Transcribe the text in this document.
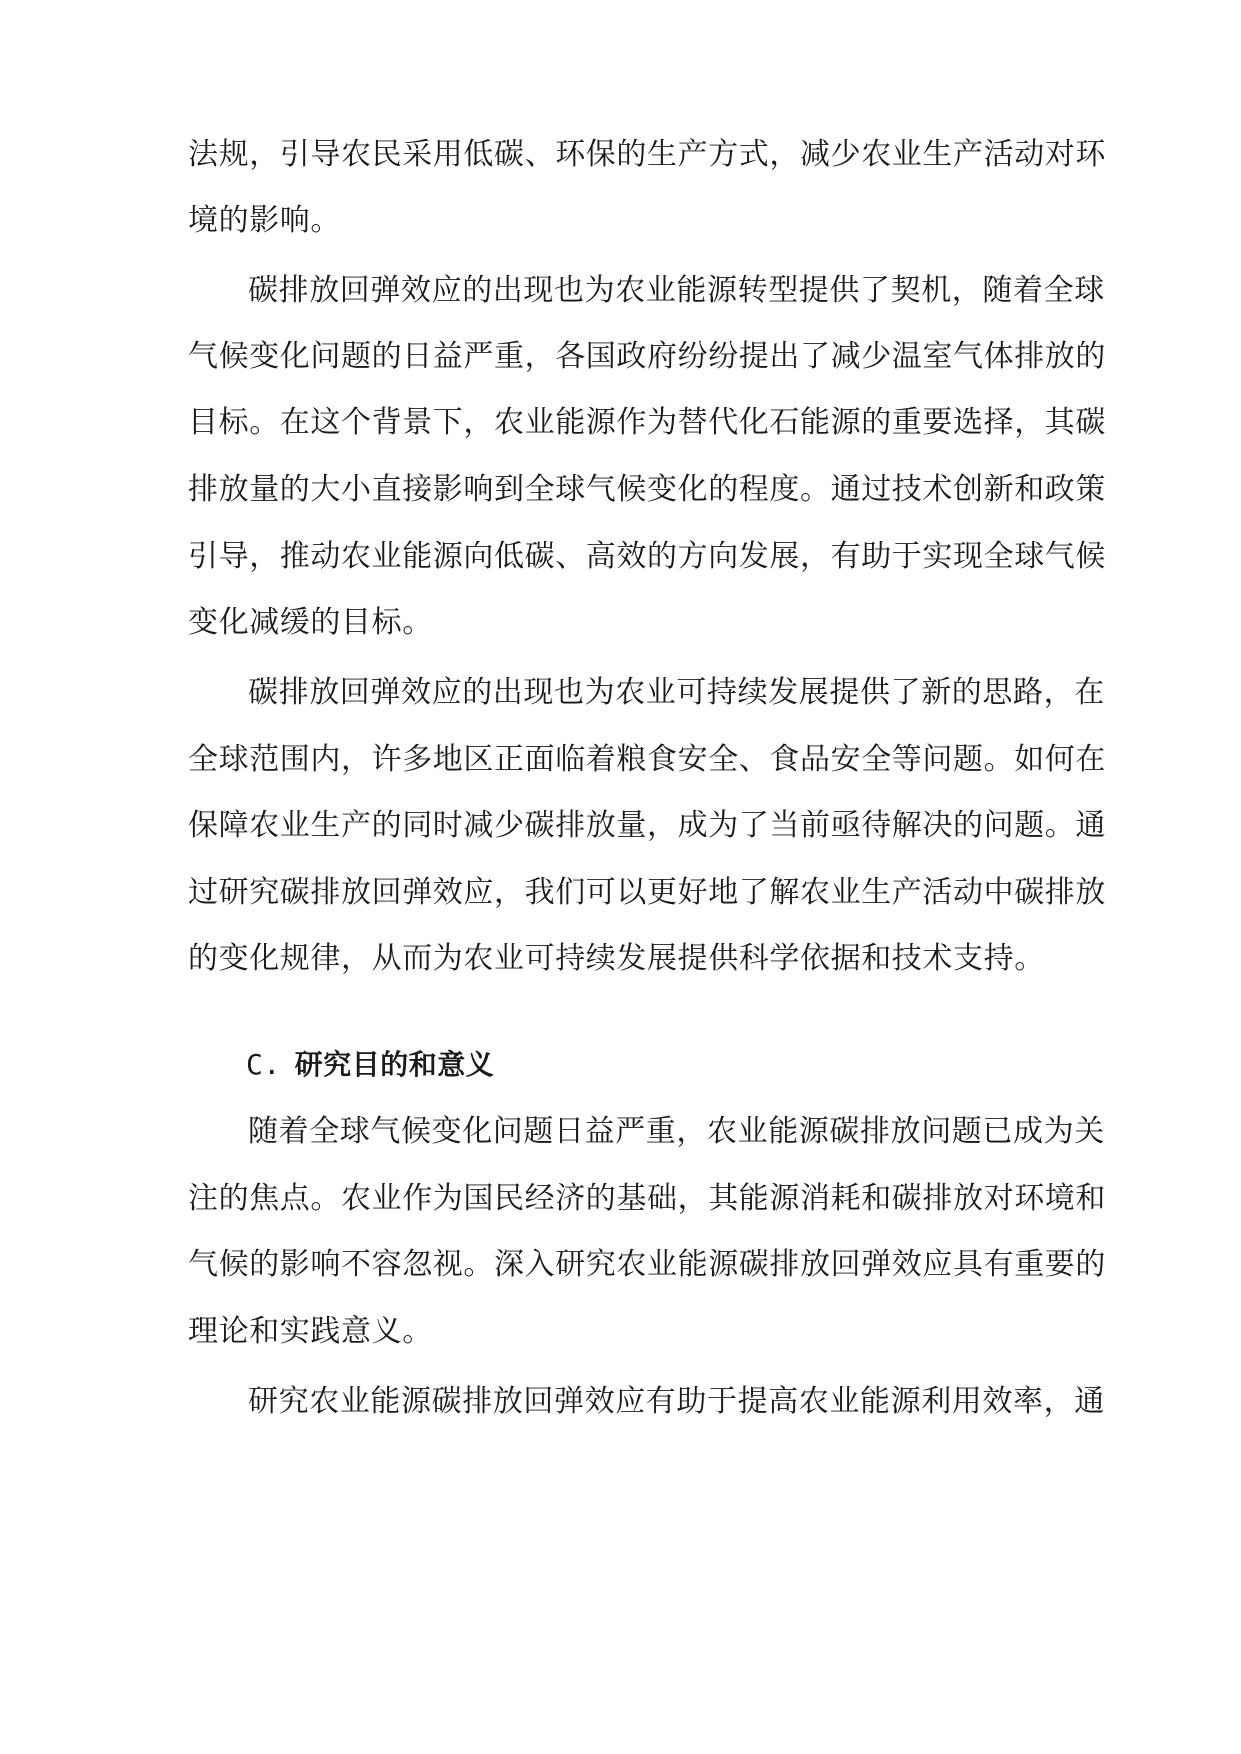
法规，引导农民采用低碳、环保的生产方式，减少农业生产活动对环
境的影响。
碳排放回弹效应的出现也为农业能源转型提供了契机，随着全球
气候变化问题的日益严重，各国政府纷纷提出了减少温室气体排放的
目标。在这个背景下，农业能源作为替代化石能源的重要选择，其碳
排放量的大小直接影响到全球气候变化的程度。通过技术创新和政策
引导，推动农业能源向低碳、高效的方向发展，有助于实现全球气候
变化减缓的目标。
碳排放回弹效应的出现也为农业可持续发展提供了新的思路，在
全球范围内，许多地区正面临着粮食安全、食品安全等问题。如何在
保障农业生产的同时减少碳排放量，成为了当前亟待解决的问题。通
过研究碳排放回弹效应，我们可以更好地了解农业生产活动中碳排放
的变化规律，从而为农业可持续发展提供科学依据和技术支持。
C. 研究目的和意义
随着全球气候变化问题日益严重，农业能源碳排放问题已成为关
注的焦点。农业作为国民经济的基础，其能源消耗和碳排放对环境和
气候的影响不容忽视。深入研究农业能源碳排放回弹效应具有重要的
理论和实践意义。
研究农业能源碳排放回弹效应有助于提高农业能源利用效率，通
